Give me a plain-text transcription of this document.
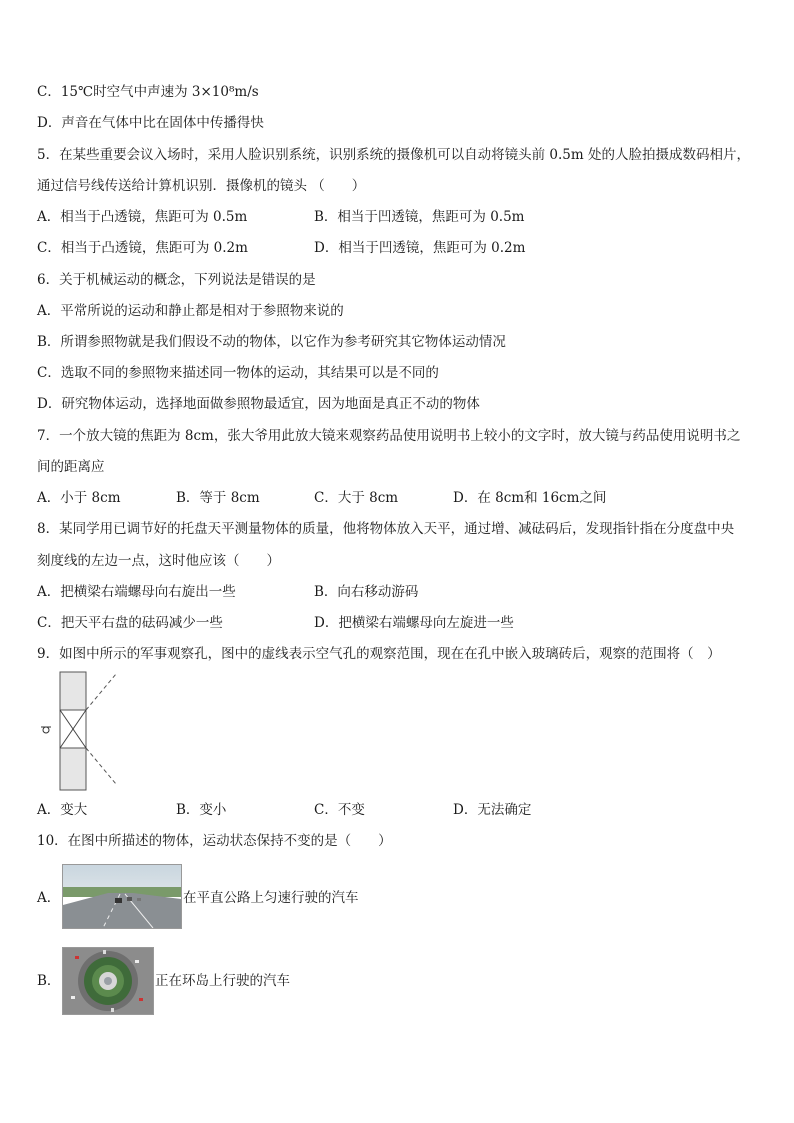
C．15℃时空气中声速为 3×10⁸m/s
D．声音在气体中比在固体中传播得快
5．在某些重要会议入场时，采用人脸识别系统，识别系统的摄像机可以自动将镜头前 0.5m 处的人脸拍摄成数码相片，
通过信号线传送给计算机识别．摄像机的镜头 （　　）
A．相当于凸透镜，焦距可为 0.5m	B．相当于凹透镜，焦距可为 0.5m
C．相当于凸透镜，焦距可为 0.2m	D．相当于凹透镜，焦距可为 0.2m
6．关于机械运动的概念，下列说法是错误的是
A．平常所说的运动和静止都是相对于参照物来说的
B．所谓参照物就是我们假设不动的物体，以它作为参考研究其它物体运动情况
C．选取不同的参照物来描述同一物体的运动，其结果可以是不同的
D．研究物体运动，选择地面做参照物最适宜，因为地面是真正不动的物体
7．一个放大镜的焦距为 8cm，张大爷用此放大镜来观察药品使用说明书上较小的文字时，放大镜与药品使用说明书之
间的距离应
A．小于 8cm	B．等于 8cm	C．大于 8cm	D．在 8cm和 16cm之间
8．某同学用已调节好的托盘天平测量物体的质量，他将物体放入天平，通过增、减砝码后，发现指针指在分度盘中央
刻度线的左边一点，这时他应该（　　）
A．把横梁右端螺母向右旋出一些	B．向右移动游码
C．把天平右盘的砝码减少一些	D．把横梁右端螺母向左旋进一些
9．如图中所示的军事观察孔，图中的虚线表示空气孔的观察范围，现在在孔中嵌入玻璃砖后，观察的范围将（　）
A．变大	B．变小	C．不变	D．无法确定
10．在图中所描述的物体，运动状态保持不变的是（　　）
A．	在平直公路上匀速行驶的汽车
B．	正在环岛上行驶的汽车
